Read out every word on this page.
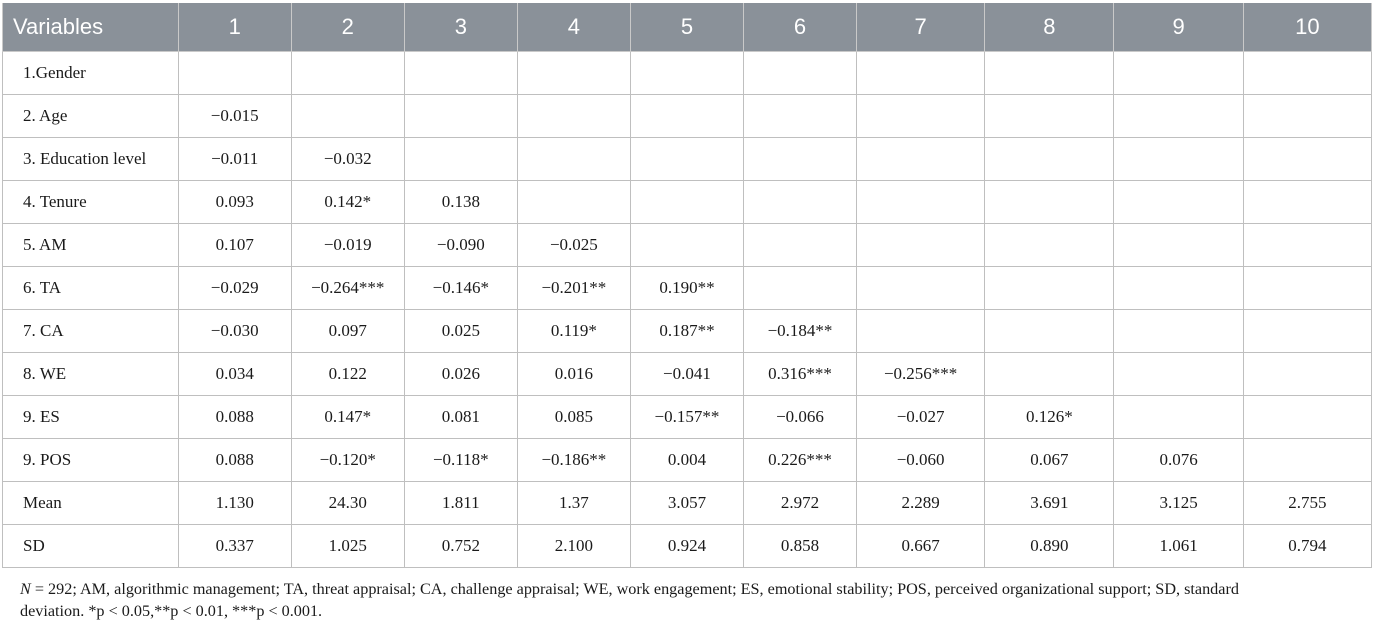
Variables	1	2	3	4	5	6	7	8	9	10
1.Gender										
2. Age	−0.015									
3. Education level	−0.011	−0.032								
4. Tenure	0.093	0.142*	0.138							
5. AM	0.107	−0.019	−0.090	−0.025						
6. TA	−0.029	−0.264***	−0.146*	−0.201**	0.190**					
7. CA	−0.030	0.097	0.025	0.119*	0.187**	−0.184**				
8. WE	0.034	0.122	0.026	0.016	−0.041	0.316***	−0.256***			
9. ES	0.088	0.147*	0.081	0.085	−0.157**	−0.066	−0.027	0.126*		
9. POS	0.088	−0.120*	−0.118*	−0.186**	0.004	0.226***	−0.060	0.067	0.076	
Mean	1.130	24.30	1.811	1.37	3.057	2.972	2.289	3.691	3.125	2.755
SD	0.337	1.025	0.752	2.100	0.924	0.858	0.667	0.890	1.061	0.794
N = 292; AM, algorithmic management; TA, threat appraisal; CA, challenge appraisal; WE, work engagement; ES, emotional stability; POS, perceived organizational support; SD, standard
deviation. *p < 0.05,**p < 0.01, ***p < 0.001.
